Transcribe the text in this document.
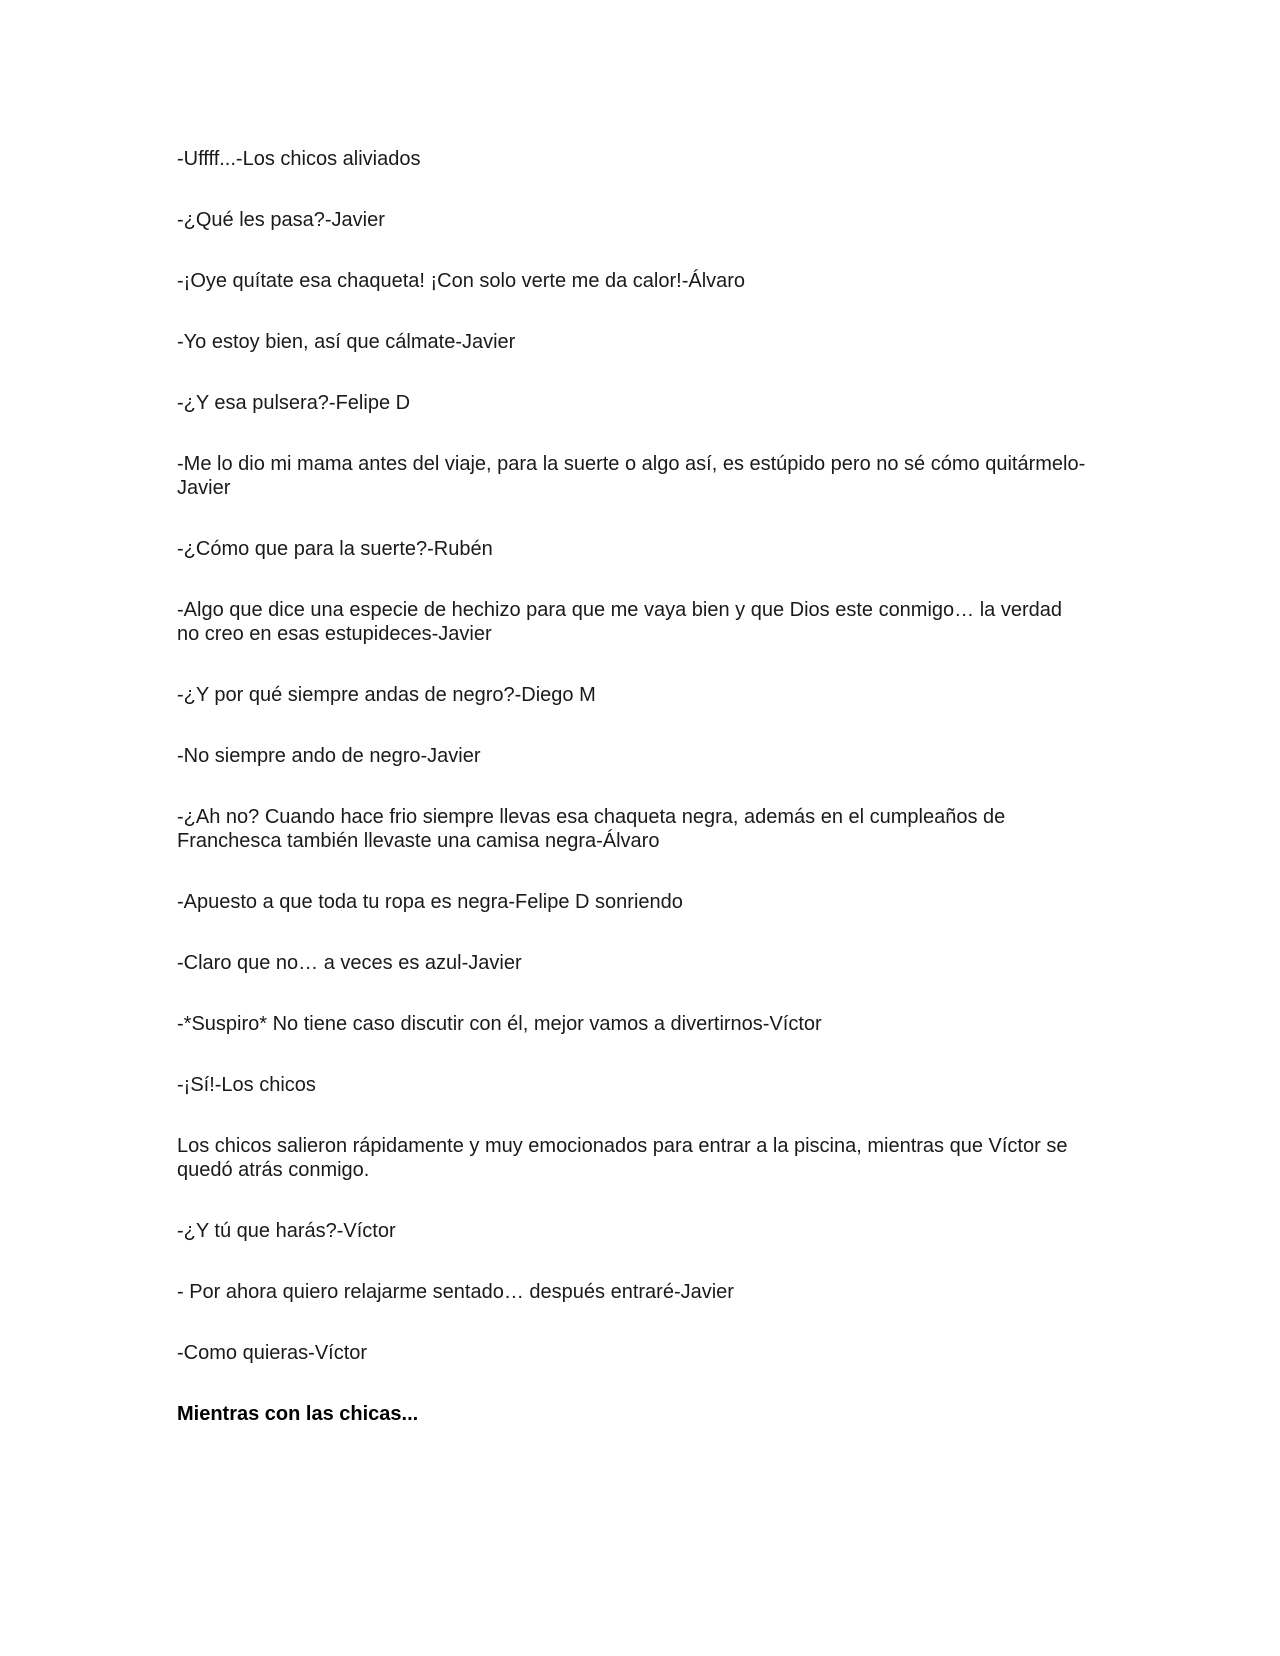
-Uffff...-Los chicos aliviados

-¿Qué les pasa?-Javier

-¡Oye quítate esa chaqueta! ¡Con solo verte me da calor!-Álvaro

-Yo estoy bien, así que cálmate-Javier

-¿Y esa pulsera?-Felipe D

-Me lo dio mi mama antes del viaje, para la suerte o algo así, es estúpido pero no sé cómo quitármelo-Javier

-¿Cómo que para la suerte?-Rubén

-Algo que dice una especie de hechizo para que me vaya bien y que Dios este conmigo… la verdad no creo en esas estupideces-Javier

-¿Y por qué siempre andas de negro?-Diego M

-No siempre ando de negro-Javier

-¿Ah no? Cuando hace frio siempre llevas esa chaqueta negra, además en el cumpleaños de Franchesca también llevaste una camisa negra-Álvaro

-Apuesto a que toda tu ropa es negra-Felipe D sonriendo

-Claro que no… a veces es azul-Javier

-*Suspiro* No tiene caso discutir con él, mejor vamos a divertirnos-Víctor

-¡Sí!-Los chicos

Los chicos salieron rápidamente y muy emocionados para entrar a la piscina, mientras que Víctor se quedó atrás conmigo.

-¿Y tú que harás?-Víctor

- Por ahora quiero relajarme sentado… después entraré-Javier

-Como quieras-Víctor

Mientras con las chicas...
